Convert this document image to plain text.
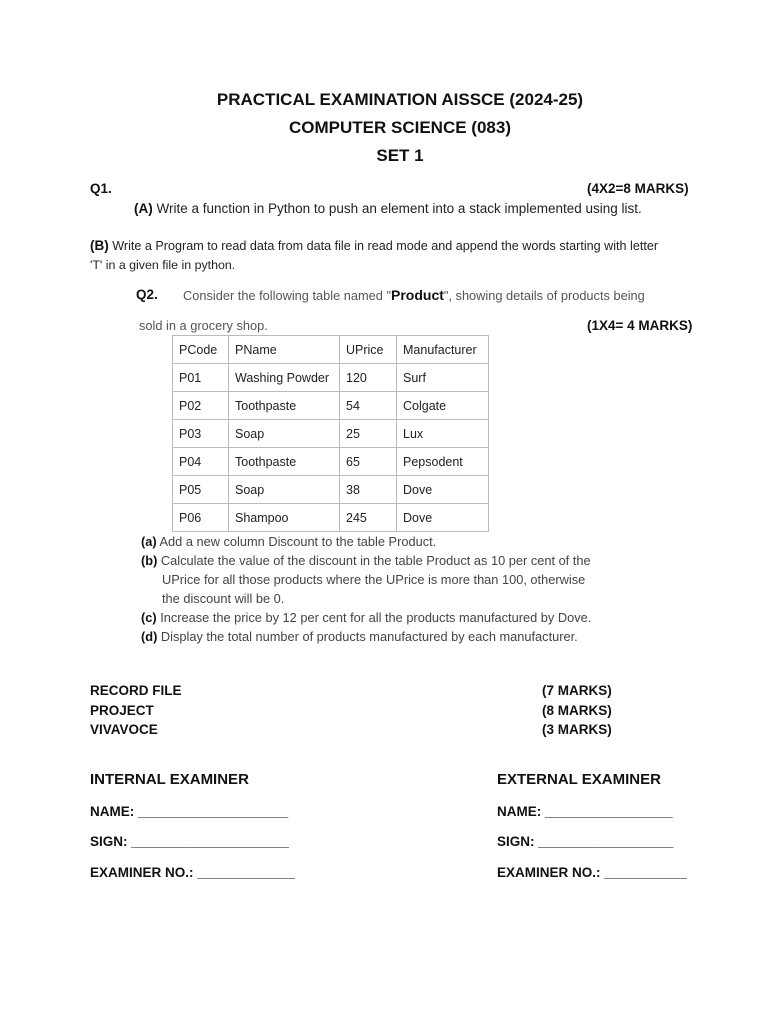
PRACTICAL EXAMINATION AISSCE (2024-25)
COMPUTER SCIENCE (083)
SET 1
Q1.	(4X2=8 MARKS)
(A) Write a function in Python to push an element into a stack implemented using list.
(B) Write a Program to read data from data file in read mode and append the words starting with letter
'T' in a given file in python.
Q2. Consider the following table named "Product", showing details of products being
sold in a grocery shop.	(1X4= 4 MARKS)
PCode	PName	UPrice	Manufacturer
P01	Washing Powder	120	Surf
P02	Toothpaste	54	Colgate
P03	Soap	25	Lux
P04	Toothpaste	65	Pepsodent
P05	Soap	38	Dove
P06	Shampoo	245	Dove
(a) Add a new column Discount to the table Product.
(b) Calculate the value of the discount in the table Product as 10 per cent of the
UPrice for all those products where the UPrice is more than 100, otherwise
the discount will be 0.
(c) Increase the price by 12 per cent for all the products manufactured by Dove.
(d) Display the total number of products manufactured by each manufacturer.
RECORD FILE	(7 MARKS)
PROJECT	(8 MARKS)
VIVAVOCE	(3 MARKS)
INTERNAL EXAMINER
NAME: ____________________
SIGN: _____________________
EXAMINER NO.: _____________
EXTERNAL EXAMINER
NAME: _________________
SIGN: __________________
EXAMINER NO.: ___________
